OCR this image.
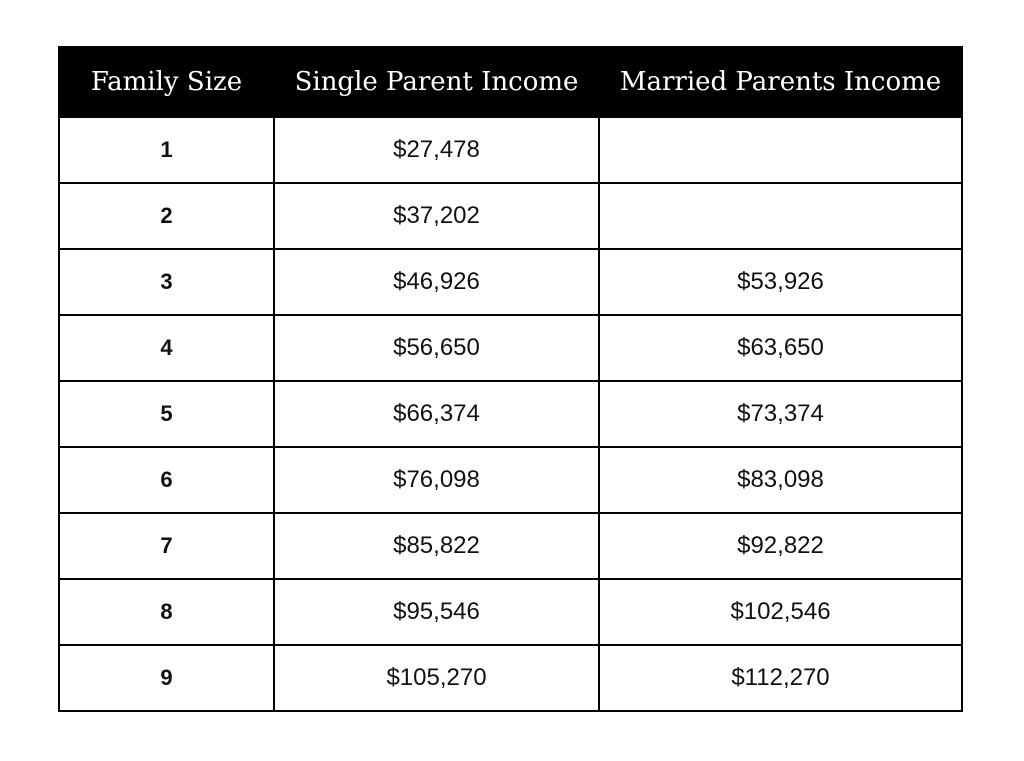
Family Size	Single Parent Income	Married Parents Income
1	$27,478	
2	$37,202	
3	$46,926	$53,926
4	$56,650	$63,650
5	$66,374	$73,374
6	$76,098	$83,098
7	$85,822	$92,822
8	$95,546	$102,546
9	$105,270	$112,270
